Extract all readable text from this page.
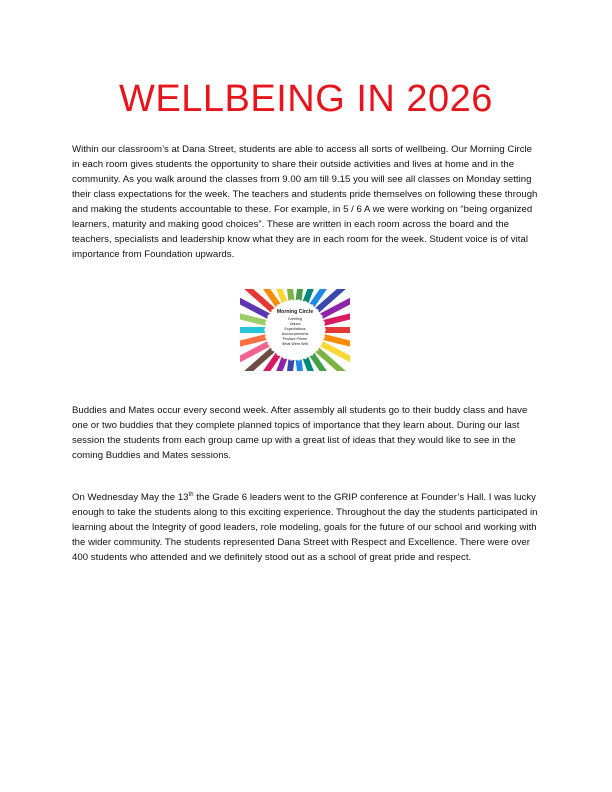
WELLBEING IN 2026

Within our classroom’s at Dana Street, students are able to access all sorts of wellbeing. Our Morning Circle in each room gives students the opportunity to share their outside activities and lives at home and in the community. As you walk around the classes from 9.00 am till 9.15 you will see all classes on Monday setting their class expectations for the week. The teachers and students pride themselves on following these through and making the students accountable to these. For example, in 5 / 6 A we were working on “being organized learners, maturity and making good choices”. These are written in each room across the board and the teachers, specialists and leadership know what they are in each room for the week. Student voice is of vital importance from Foundation upwards.

Morning Circle
Greeting
Values
Expectations
Announcements
Positive Primer
What Went Well

Buddies and Mates occur every second week. After assembly all students go to their buddy class and have one or two buddies that they complete planned topics of importance that they learn about. During our last session the students from each group came up with a great list of ideas that they would like to see in the coming Buddies and Mates sessions.

On Wednesday May the 13th the Grade 6 leaders went to the GRIP conference at Founder’s Hall. I was lucky enough to take the students along to this exciting experience. Throughout the day the students participated in learning about the Integrity of good leaders, role modeling, goals for the future of our school and working with the wider community. The students represented Dana Street with Respect and Excellence. There were over 400 students who attended and we definitely stood out as a school of great pride and respect.
